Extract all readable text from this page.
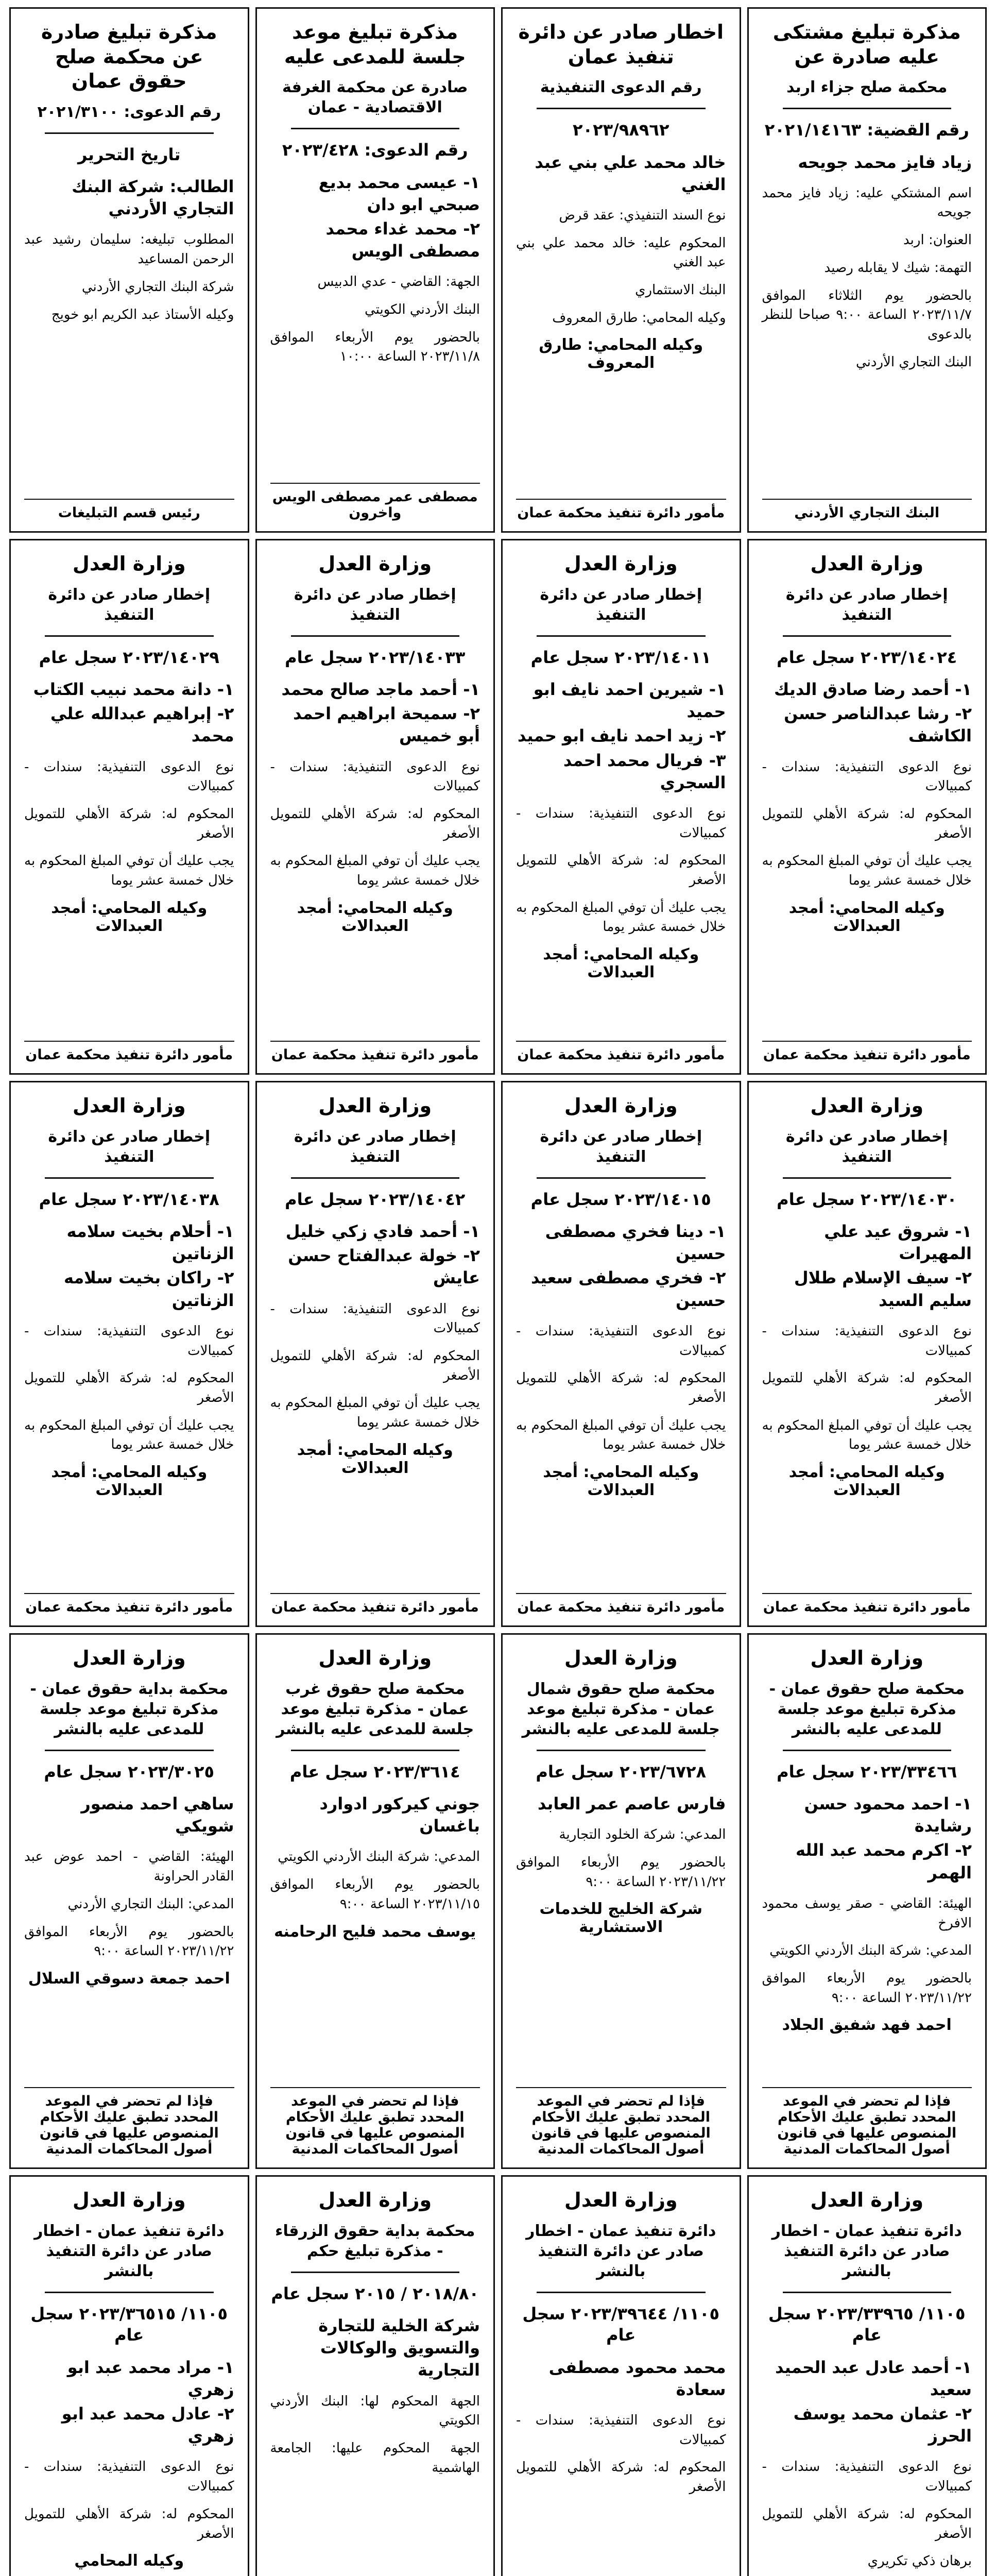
مذكرة تبليغ مشتكى عليه صادرة عن
محكمة صلح جزاء اربد
رقم القضية: ٢٠٢١/١٤١٦٣
زياد فايز محمد جويحه
اسم المشتكي عليه: زياد فايز محمد جويحه
العنوان: اربد
التهمة: شيك لا يقابله رصيد
بالحضور يوم الثلاثاء الموافق ٢٠٢٣/١١/٧ الساعة ٩:٠٠ صباحا للنظر بالدعوى
البنك التجاري الأردني
البنك التجاري الأردني
اخطار صادر عن دائرة تنفيذ عمان
رقم الدعوى التنفيذية
٢٠٢٣/٩٨٩٦٢
خالد محمد علي بني عبد الغني
نوع السند التنفيذي: عقد قرض
المحكوم عليه: خالد محمد علي بني عبد الغني
البنك الاستثماري
وكيله المحامي: طارق المعروف
وكيله المحامي: طارق المعروف
مأمور دائرة تنفيذ محكمة عمان
مذكرة تبليغ موعد جلسة للمدعى عليه
صادرة عن محكمة الغرفة الاقتصادية - عمان
رقم الدعوى: ٢٠٢٣/٤٢٨
١- عيسى محمد بديع صبحي ابو دان
٢- محمد غداء محمد مصطفى الويس
الجهة: القاضي - عدي الدبيس
البنك الأردني الكويتي
بالحضور يوم الأربعاء الموافق ٢٠٢٣/١١/٨ الساعة ١٠:٠٠
مصطفى عمر مصطفى الويس واخرون
مذكرة تبليغ صادرة عن محكمة صلح حقوق عمان
رقم الدعوى: ٢٠٢١/٣١٠٠
تاريخ التحرير
الطالب: شركة البنك التجاري الأردني
المطلوب تبليغه: سليمان رشيد عبد الرحمن المساعيد
شركة البنك التجاري الأردني
وكيله الأستاذ عبد الكريم ابو خويج
رئيس قسم التبليغات
وزارة العدل
إخطار صادر عن دائرة التنفيذ
٢٠٢٣/١٤٠٢٤ سجل عام
١- أحمد رضا صادق الديك
٢- رشا عبدالناصر حسن الكاشف
نوع الدعوى التنفيذية: سندات - كمبيالات
المحكوم له: شركة الأهلي للتمويل الأصغر
يجب عليك أن توفي المبلغ المحكوم به خلال خمسة عشر يوما
وكيله المحامي: أمجد العبدالات
مأمور دائرة تنفيذ محكمة عمان
وزارة العدل
إخطار صادر عن دائرة التنفيذ
٢٠٢٣/١٤٠١١ سجل عام
١- شيرين احمد نايف ابو حميد
٢- زيد احمد نايف ابو حميد
٣- فريال محمد احمد السجري
نوع الدعوى التنفيذية: سندات - كمبيالات
المحكوم له: شركة الأهلي للتمويل الأصغر
يجب عليك أن توفي المبلغ المحكوم به خلال خمسة عشر يوما
وكيله المحامي: أمجد العبدالات
مأمور دائرة تنفيذ محكمة عمان
وزارة العدل
إخطار صادر عن دائرة التنفيذ
٢٠٢٣/١٤٠٣٣ سجل عام
١- أحمد ماجد صالح محمد
٢- سميحة ابراهيم احمد أبو خميس
نوع الدعوى التنفيذية: سندات - كمبيالات
المحكوم له: شركة الأهلي للتمويل الأصغر
يجب عليك أن توفي المبلغ المحكوم به خلال خمسة عشر يوما
وكيله المحامي: أمجد العبدالات
مأمور دائرة تنفيذ محكمة عمان
وزارة العدل
إخطار صادر عن دائرة التنفيذ
٢٠٢٣/١٤٠٢٩ سجل عام
١- دانة محمد نبيب الكتاب
٢- إبراهيم عبدالله علي محمد
نوع الدعوى التنفيذية: سندات - كمبيالات
المحكوم له: شركة الأهلي للتمويل الأصغر
يجب عليك أن توفي المبلغ المحكوم به خلال خمسة عشر يوما
وكيله المحامي: أمجد العبدالات
مأمور دائرة تنفيذ محكمة عمان
وزارة العدل
إخطار صادر عن دائرة التنفيذ
٢٠٢٣/١٤٠٣٠ سجل عام
١- شروق عيد علي المهيرات
٢- سيف الإسلام طلال سليم السيد
نوع الدعوى التنفيذية: سندات - كمبيالات
المحكوم له: شركة الأهلي للتمويل الأصغر
يجب عليك أن توفي المبلغ المحكوم به خلال خمسة عشر يوما
وكيله المحامي: أمجد العبدالات
مأمور دائرة تنفيذ محكمة عمان
وزارة العدل
إخطار صادر عن دائرة التنفيذ
٢٠٢٣/١٤٠١٥ سجل عام
١- دينا فخري مصطفى حسين
٢- فخري مصطفى سعيد حسين
نوع الدعوى التنفيذية: سندات - كمبيالات
المحكوم له: شركة الأهلي للتمويل الأصغر
يجب عليك أن توفي المبلغ المحكوم به خلال خمسة عشر يوما
وكيله المحامي: أمجد العبدالات
مأمور دائرة تنفيذ محكمة عمان
وزارة العدل
إخطار صادر عن دائرة التنفيذ
٢٠٢٣/١٤٠٤٢ سجل عام
١- أحمد فادي زكي خليل
٢- خولة عبدالفتاح حسن عايش
نوع الدعوى التنفيذية: سندات - كمبيالات
المحكوم له: شركة الأهلي للتمويل الأصغر
يجب عليك أن توفي المبلغ المحكوم به خلال خمسة عشر يوما
وكيله المحامي: أمجد العبدالات
مأمور دائرة تنفيذ محكمة عمان
وزارة العدل
إخطار صادر عن دائرة التنفيذ
٢٠٢٣/١٤٠٣٨ سجل عام
١- أحلام بخيت سلامه الزناتين
٢- راكان بخيت سلامه الزناتين
نوع الدعوى التنفيذية: سندات - كمبيالات
المحكوم له: شركة الأهلي للتمويل الأصغر
يجب عليك أن توفي المبلغ المحكوم به خلال خمسة عشر يوما
وكيله المحامي: أمجد العبدالات
مأمور دائرة تنفيذ محكمة عمان
وزارة العدل
محكمة صلح حقوق عمان - مذكرة تبليغ موعد جلسة للمدعى عليه بالنشر
٢٠٢٣/٣٣٤٦٦ سجل عام
١- احمد محمود حسن رشايدة
٢- اكرم محمد عبد الله الهمر
الهيئة: القاضي - صقر يوسف محمود الافرخ
المدعي: شركة البنك الأردني الكويتي
بالحضور يوم الأربعاء الموافق ٢٠٢٣/١١/٢٢ الساعة ٩:٠٠
احمد فهد شفيق الجلاد
فإذا لم تحضر في الموعد المحدد تطبق عليك الأحكام المنصوص عليها في قانون أصول المحاكمات المدنية
وزارة العدل
محكمة صلح حقوق شمال عمان - مذكرة تبليغ موعد جلسة للمدعى عليه بالنشر
٢٠٢٣/٦٧٢٨ سجل عام
فارس عاصم عمر العابد
المدعي: شركة الخلود التجارية
بالحضور يوم الأربعاء الموافق ٢٠٢٣/١١/٢٢ الساعة ٩:٠٠
شركة الخليج للخدمات الاستشارية
فإذا لم تحضر في الموعد المحدد تطبق عليك الأحكام المنصوص عليها في قانون أصول المحاكمات المدنية
وزارة العدل
محكمة صلح حقوق غرب عمان - مذكرة تبليغ موعد جلسة للمدعى عليه بالنشر
٢٠٢٣/٣٦١٤ سجل عام
جوني كيركور ادوارد باغسان
المدعي: شركة البنك الأردني الكويتي
بالحضور يوم الأربعاء الموافق ٢٠٢٣/١١/١٥ الساعة ٩:٠٠
يوسف محمد فليح الرحامنه
فإذا لم تحضر في الموعد المحدد تطبق عليك الأحكام المنصوص عليها في قانون أصول المحاكمات المدنية
وزارة العدل
محكمة بداية حقوق عمان - مذكرة تبليغ موعد جلسة للمدعى عليه بالنشر
٢٠٢٣/٣٠٢٥ سجل عام
ساهي احمد منصور شويكي
الهيئة: القاضي - احمد عوض عبد القادر الحراونة
المدعي: البنك التجاري الأردني
بالحضور يوم الأربعاء الموافق ٢٠٢٣/١١/٢٢ الساعة ٩:٠٠
احمد جمعة دسوقي السلال
فإذا لم تحضر في الموعد المحدد تطبق عليك الأحكام المنصوص عليها في قانون أصول المحاكمات المدنية
وزارة العدل
دائرة تنفيذ عمان - اخطار صادر عن دائرة التنفيذ بالنشر
١١٠٥/ ٢٠٢٣/٣٣٩٦٥ سجل عام
١- أحمد عادل عبد الحميد سعيد
٢- عثمان محمد يوسف الحرز
نوع الدعوى التنفيذية: سندات - كمبيالات
المحكوم له: شركة الأهلي للتمويل الأصغر
برهان ذكي تكريري
وزارة العدل
دائرة تنفيذ عمان - اخطار صادر عن دائرة التنفيذ بالنشر
١١٠٥/ ٢٠٢٣/٣٩٦٤٤ سجل عام
محمد محمود مصطفى سعادة
نوع الدعوى التنفيذية: سندات - كمبيالات
المحكوم له: شركة الأهلي للتمويل الأصغر
وزارة العدل
محكمة بداية حقوق الزرقاء - مذكرة تبليغ حكم
٢٠١٨/٨٠ / ٢٠١٥ سجل عام
شركة الخلية للتجارة والتسويق والوكالات التجارية
الجهة المحكوم لها: البنك الأردني الكويتي
الجهة المحكوم عليها: الجامعة الهاشمية
وزارة العدل
دائرة تنفيذ عمان - اخطار صادر عن دائرة التنفيذ بالنشر
١١٠٥/ ٢٠٢٣/٣٦٥١٥ سجل عام
١- مراد محمد عبد ابو زهري
٢- عادل محمد عبد ابو زهري
نوع الدعوى التنفيذية: سندات - كمبيالات
المحكوم له: شركة الأهلي للتمويل الأصغر
وكيله المحامي
